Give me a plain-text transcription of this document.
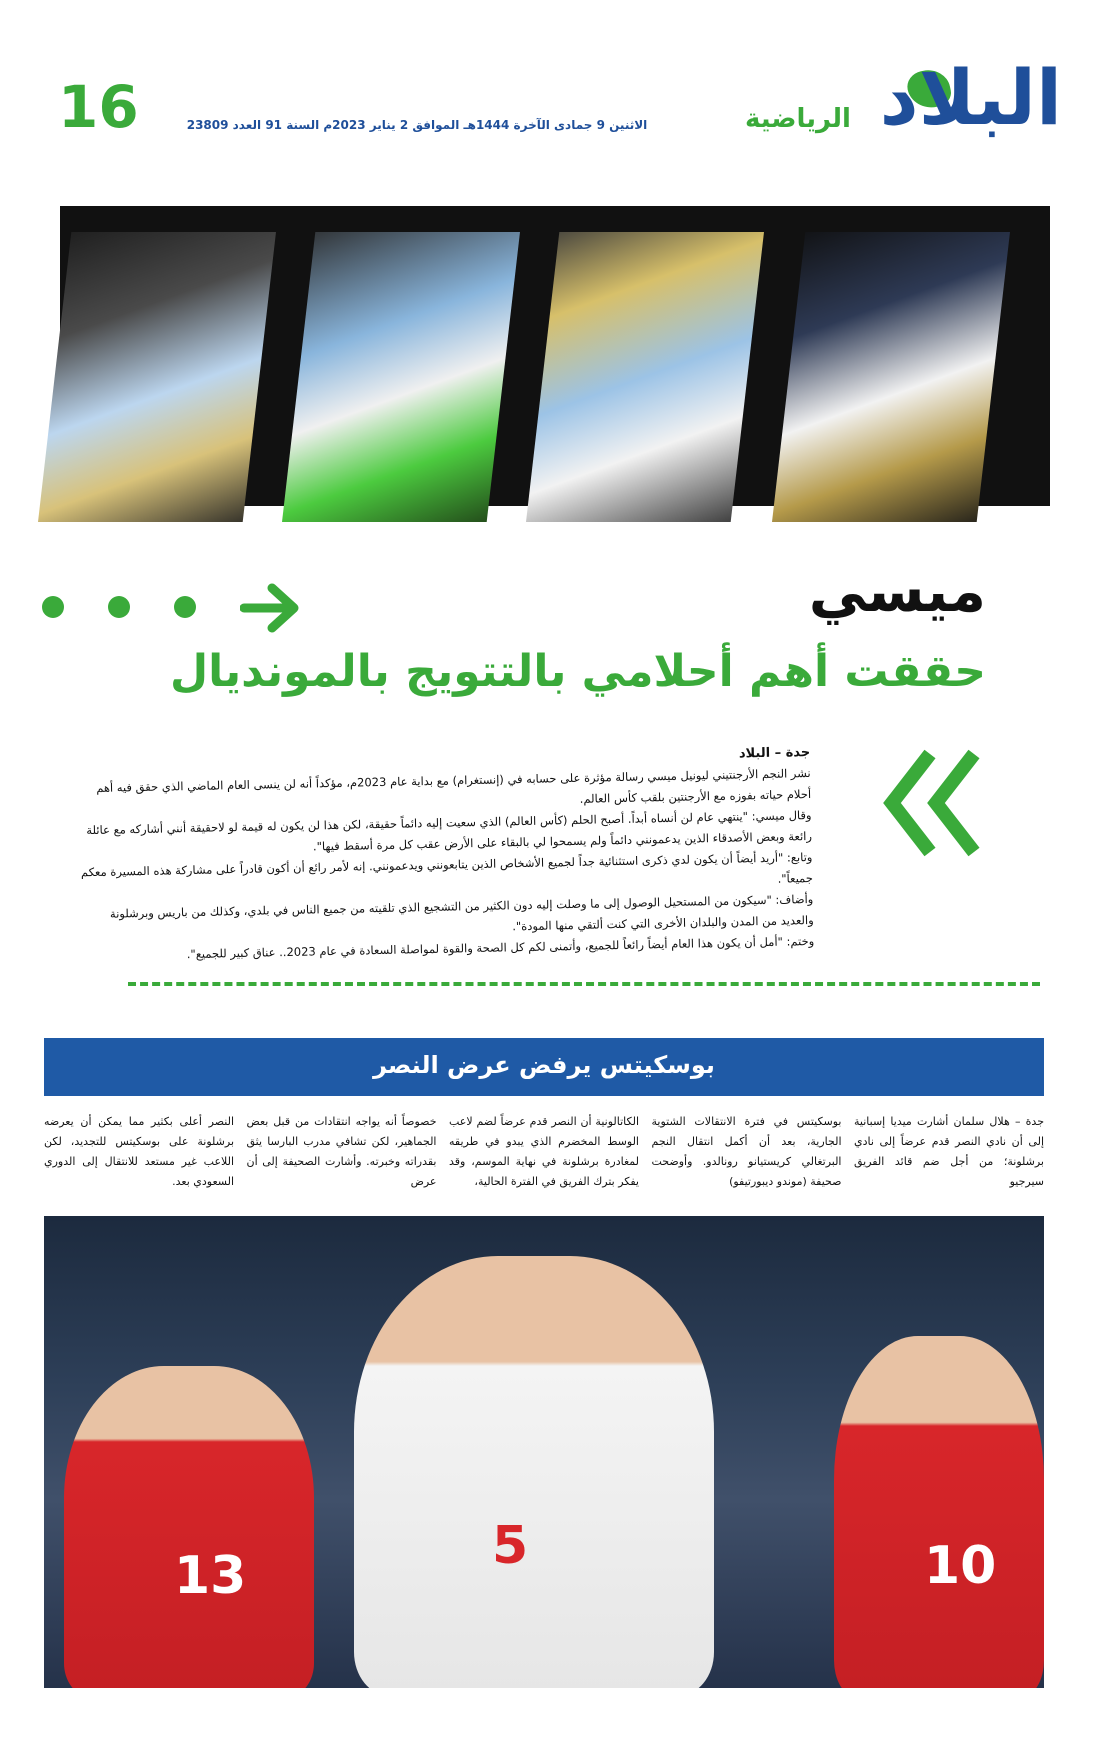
16	الاثنين 9 جمادى الآخرة 1444هـ الموافق 2 يناير 2023م السنة 91 العدد 23809	الرياضية البلاد
ميسي
حققت أهم أحلامي بالتتويج بالمونديال

جدة – البلاد

نشر النجم الأرجنتيني ليونيل ميسي رسالة مؤثرة على حسابه في (إنستغرام) مع بداية عام 2023م، مؤكداً أنه لن ينسى العام الماضي الذي حقق فيه أهم أحلام حياته بفوزه مع الأرجنتين بلقب كأس العالم.

وقال ميسي: "ينتهي عام لن أنساه أبداً. أصبح الحلم (كأس العالم) الذي سعيت إليه دائماً حقيقة، لكن هذا لن يكون له قيمة لو لاحقيقة أنني أشاركه مع عائلة رائعة وبعض الأصدقاء الذين يدعمونني دائماً ولم يسمحوا لي بالبقاء على الأرض عقب كل مرة أسقط فيها".

وتابع: "أريد أيضاً أن يكون لدي ذكرى استثنائية جداً لجميع الأشخاص الذين يتابعونني ويدعمونني. إنه لأمر رائع أن أكون قادراً على مشاركة هذه المسيرة معكم جميعاً".

وأضاف: "سيكون من المستحيل الوصول إلى ما وصلت إليه دون الكثير من التشجيع الذي تلقيته من جميع الناس في بلدي، وكذلك من باريس وبرشلونة والعديد من المدن والبلدان الأخرى التي كنت ألتقي منها المودة".

وختم: "أمل أن يكون هذا العام أيضاً رائعاً للجميع، وأتمنى لكم كل الصحة والقوة لمواصلة السعادة في عام 2023.. عناق كبير للجميع".

بوسكيتس يرفض عرض النصر

جدة – هلال سلمان أشارت ميديا إسبانية إلى أن نادي النصر قدم عرضاً إلى نادي برشلونة؛ من أجل ضم قائد الفريق سيرجيو

بوسكيتس في فترة الانتقالات الشتوية الجارية، بعد أن أكمل انتقال النجم البرتغالي كريستيانو رونالدو. وأوضحت صحيفة (موندو ديبورتيفو)

الكاتالونية أن النصر قدم عرضاً لضم لاعب الوسط المخضرم الذي يبدو في طريقه لمغادرة برشلونة في نهاية الموسم، وقد يفكر بترك الفريق في الفترة الحالية،

خصوصاً أنه يواجه انتقادات من قبل بعض الجماهير، لكن تشافي مدرب البارسا يثق بقدراته وخبرته. وأشارت الصحيفة إلى أن عرض

النصر أعلى بكثير مما يمكن أن يعرضه برشلونة على بوسكيتس للتجديد، لكن اللاعب غير مستعد للانتقال إلى الدوري السعودي بعد.

13	5	10
